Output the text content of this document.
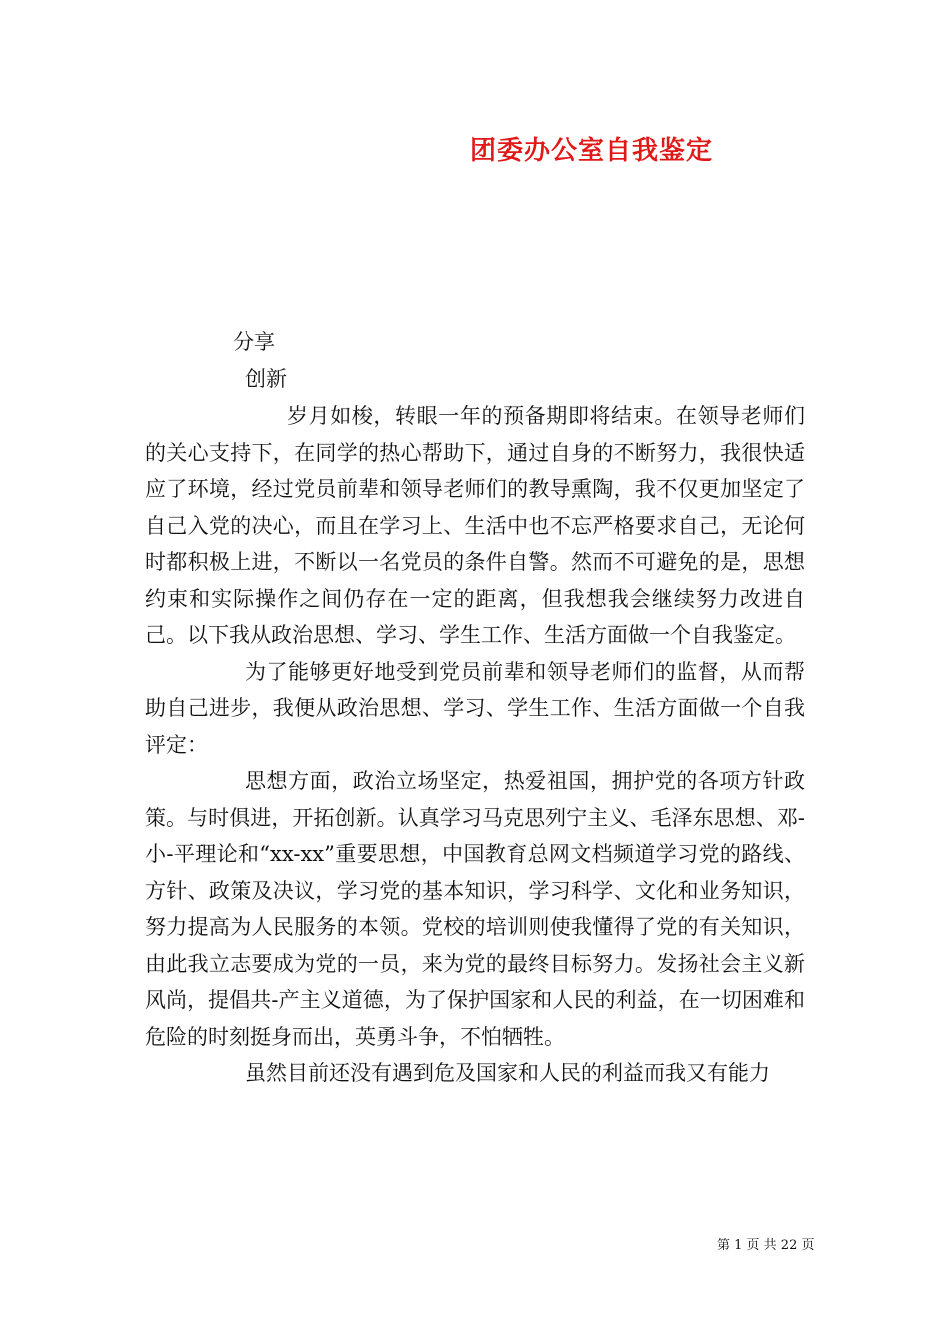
团委办公室自我鉴定
分享
创新

岁月如梭，转眼一年的预备期即将结束。在领导老师们的关心支持下，在同学的热心帮助下，通过自身的不断努力，我很快适应了环境，经过党员前辈和领导老师们的教导熏陶，我不仅更加坚定了自己入党的决心，而且在学习上、生活中也不忘严格要求自己，无论何时都积极上进，不断以一名党员的条件自警。然而不可避免的是，思想约束和实际操作之间仍存在一定的距离，但我想我会继续努力改进自己。以下我从政治思想、学习、学生工作、生活方面做一个自我鉴定。

为了能够更好地受到党员前辈和领导老师们的监督，从而帮助自己进步，我便从政治思想、学习、学生工作、生活方面做一个自我评定：

思想方面，政治立场坚定，热爱祖国，拥护党的各项方针政策。与时俱进，开拓创新。认真学习马克思列宁主义、毛泽东思想、邓-小-平理论和“xx-xx”重要思想，中国教育总网文档频道学习党的路线、方针、政策及决议，学习党的基本知识，学习科学、文化和业务知识，努力提高为人民服务的本领。党校的培训则使我懂得了党的有关知识，由此我立志要成为党的一员，来为党的最终目标努力。发扬社会主义新风尚，提倡共-产主义道德，为了保护国家和人民的利益，在一切困难和危险的时刻挺身而出，英勇斗争，不怕牺牲。

虽然目前还没有遇到危及国家和人民的利益而我又有能力

第 1 页 共 22 页
